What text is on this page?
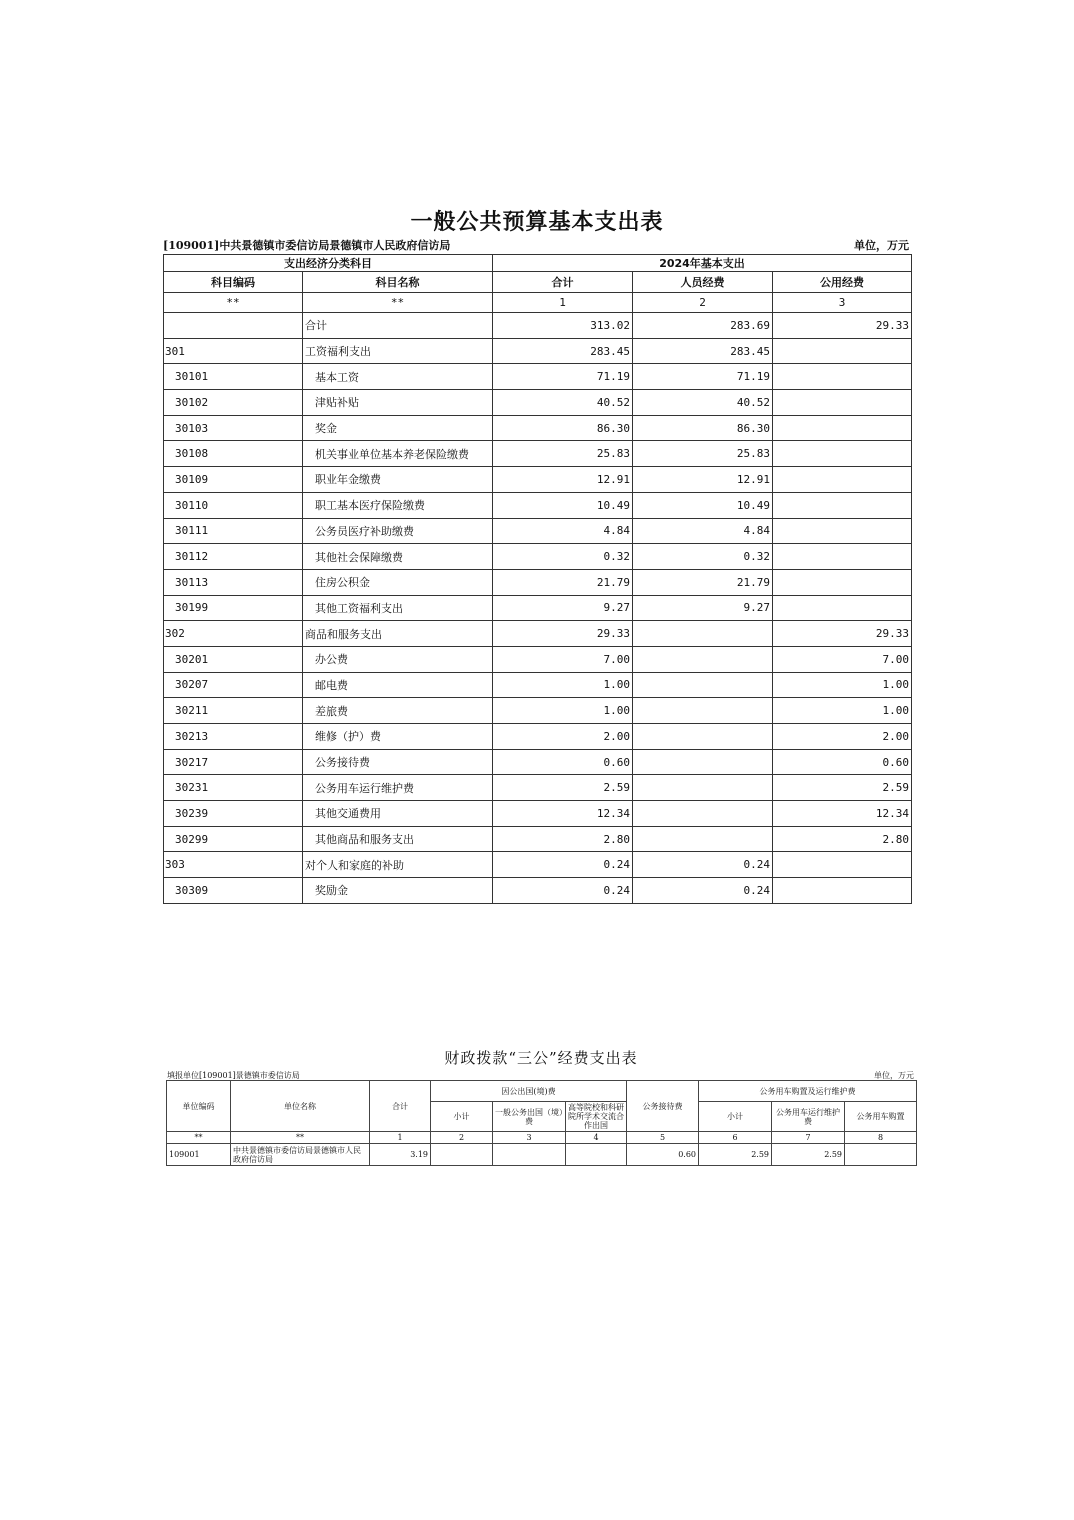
一般公共预算基本支出表
[109001]中共景德镇市委信访局景德镇市人民政府信访局	单位，万元
支出经济分类科目		2024年基本支出		
科目编码	科目名称	合计	人员经费	公用经费
**	**	1	2	3
	合计	313.02	283.69	29.33
301	工资福利支出	283.45	283.45	
30101	基本工资	71.19	71.19	
30102	津贴补贴	40.52	40.52	
30103	奖金	86.30	86.30	
30108	机关事业单位基本养老保险缴费	25.83	25.83	
30109	职业年金缴费	12.91	12.91	
30110	职工基本医疗保险缴费	10.49	10.49	
30111	公务员医疗补助缴费	4.84	4.84	
30112	其他社会保障缴费	0.32	0.32	
30113	住房公积金	21.79	21.79	
30199	其他工资福利支出	9.27	9.27	
302	商品和服务支出	29.33		29.33
30201	办公费	7.00		7.00
30207	邮电费	1.00		1.00
30211	差旅费	1.00		1.00
30213	维修（护）费	2.00		2.00
30217	公务接待费	0.60		0.60
30231	公务用车运行维护费	2.59		2.59
30239	其他交通费用	12.34		12.34
30299	其他商品和服务支出	2.80		2.80
303	对个人和家庭的补助	0.24	0.24	
30309	奖励金	0.24	0.24	
财政拨款“三公”经费支出表
填报单位[109001]景德镇市委信访局	单位，万元
单位编码	单位名称	合计	因公出国(境)费			公务接待费	公务用车购置及运行维护费		
			小计	一般公务出国（境）费	高等院校和科研院所学术交流合作出国		小计	公务用车运行维护费	公务用车购置
**	**	1	2	3	4	5	6	7	8
109001	中共景德镇市委信访局景德镇市人民政府信访局	3.19				0.60	2.59	2.59	
